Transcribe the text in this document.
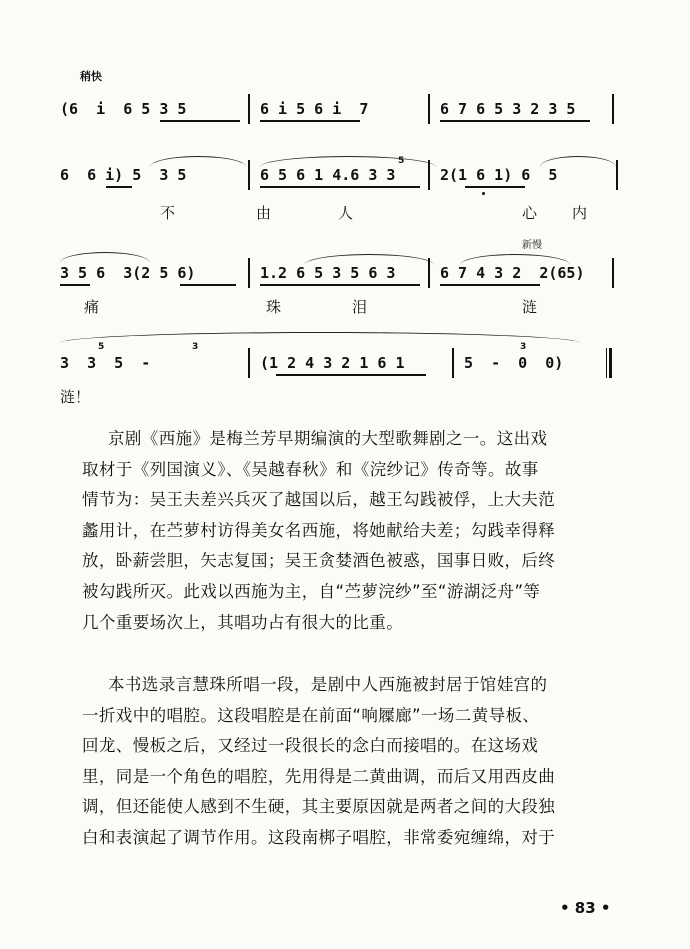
稍快

(6  i  6 5 3 5

	6 i 5 6 i  7

	6 7 6 5 3 2 3 5

5

6  6 i) 5  3 5

	6 5 6 1 4.6 3 3

	2(1 6 1) 6  5

不	由	人	心 内
新慢

3 5 6  3(2 5 6)

	1.2 6 5 3 5 6 3

	6 7 4 3 2  2(65)

痛	珠	泪	涟
5	3	3

3  3  5  -

	(1 2 4 3 2 1 6 1

	5  -  0  0)

涟！
京剧《西施》是梅兰芳早期编演的大型歌舞剧之一。这出戏
取材于《列国演义》、《吴越春秋》和《浣纱记》传奇等。故事
情节为：吴王夫差兴兵灭了越国以后，越王勾践被俘，上大夫范
蠡用计，在苎萝村访得美女名西施，将她献给夫差；勾践幸得释
放，卧薪尝胆，矢志复国；吴王贪婪酒色被惑，国事日败，后终
被勾践所灭。此戏以西施为主，自“苎萝浣纱”至“游湖泛舟”等
几个重要场次上，其唱功占有很大的比重。
本书选录言慧珠所唱一段，是剧中人西施被封居于馆娃宫的
一折戏中的唱腔。这段唱腔是在前面“响屧廊”一场二黄导板、
回龙、慢板之后，又经过一段很长的念白而接唱的。在这场戏
里，同是一个角色的唱腔，先用得是二黄曲调，而后又用西皮曲
调，但还能使人感到不生硬，其主要原因就是两者之间的大段独
白和表演起了调节作用。这段南梆子唱腔，非常委宛缠绵，对于
• 83 •
